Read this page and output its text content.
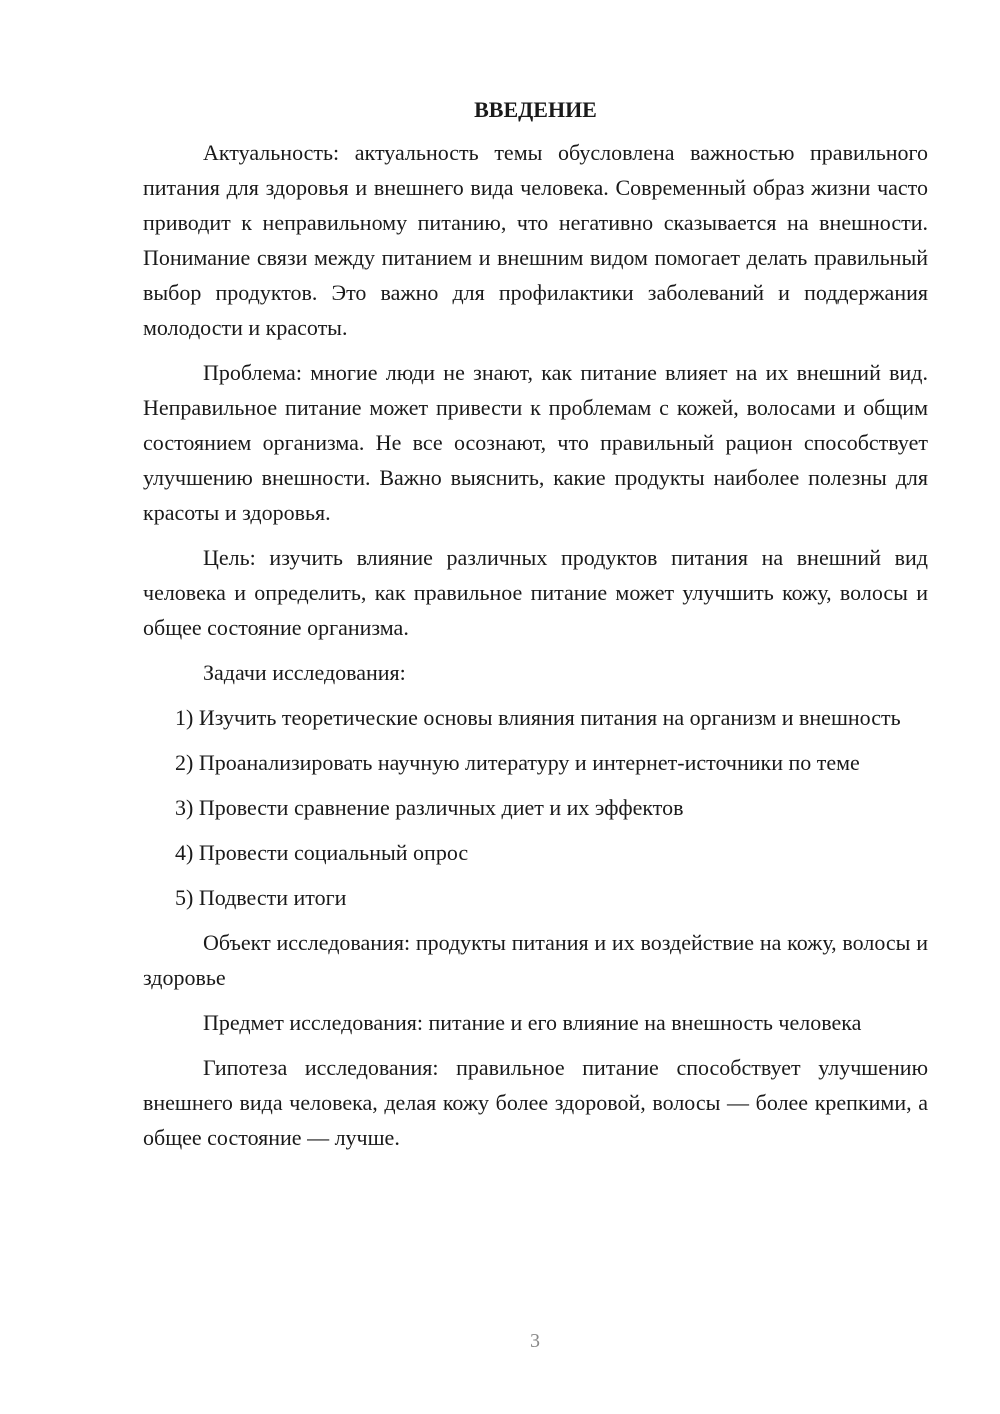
ВВЕДЕНИЕ

Актуальность: актуальность темы обусловлена важностью правильного питания для здоровья и внешнего вида человека. Современный образ жизни часто приводит к неправильному питанию, что негативно сказывается на внешности. Понимание связи между питанием и внешним видом помогает делать правильный выбор продуктов. Это важно для профилактики заболеваний и поддержания молодости и красоты.

Проблема: многие люди не знают, как питание влияет на их внешний вид. Неправильное питание может привести к проблемам с кожей, волосами и общим состоянием организма. Не все осознают, что правильный рацион способствует улучшению внешности. Важно выяснить, какие продукты наиболее полезны для красоты и здоровья.

Цель: изучить влияние различных продуктов питания на внешний вид человека и определить, как правильное питание может улучшить кожу, волосы и общее состояние организма.

Задачи исследования:

1) Изучить теоретические основы влияния питания на организм и внешность

2) Проанализировать научную литературу и интернет-источники по теме

3) Провести сравнение различных диет и их эффектов

4) Провести социальный опрос

5) Подвести итоги

Объект исследования: продукты питания и их воздействие на кожу, волосы и здоровье

Предмет исследования: питание и его влияние на внешность человека

Гипотеза исследования: правильное питание способствует улучшению внешнего вида человека, делая кожу более здоровой, волосы — более крепкими, а общее состояние — лучше.

3
